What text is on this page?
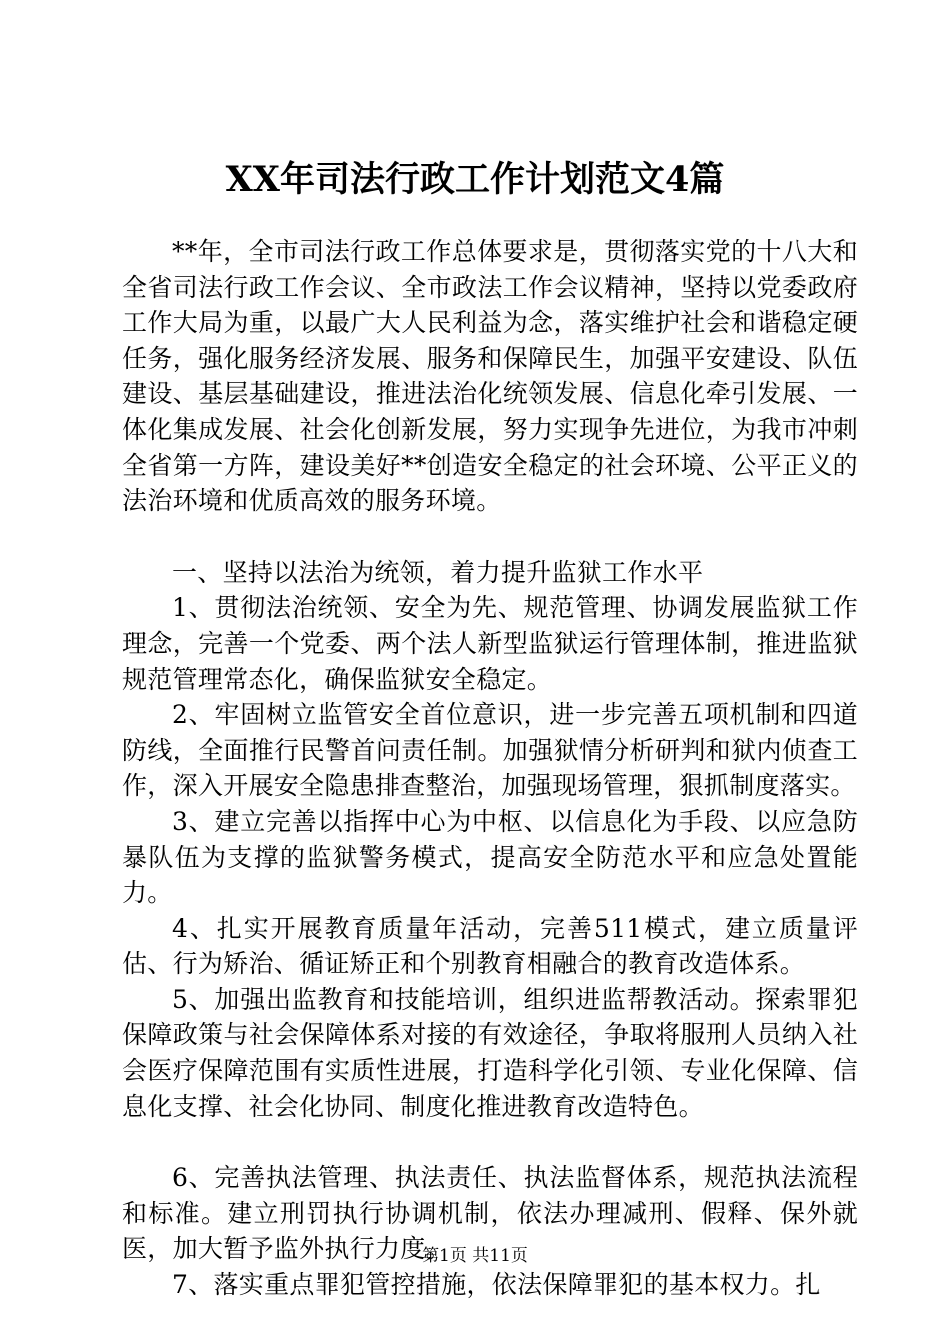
XX年司法行政工作计划范文4篇

**年，全市司法行政工作总体要求是，贯彻落实党的十八大和全省司法行政工作会议、全市政法工作会议精神，坚持以党委政府工作大局为重，以最广大人民利益为念，落实维护社会和谐稳定硬任务，强化服务经济发展、服务和保障民生，加强平安建设、队伍建设、基层基础建设，推进法治化统领发展、信息化牵引发展、一体化集成发展、社会化创新发展，努力实现争先进位，为我市冲刺全省第一方阵，建设美好**创造安全稳定的社会环境、公平正义的法治环境和优质高效的服务环境。

一、坚持以法治为统领，着力提升监狱工作水平

1、贯彻法治统领、安全为先、规范管理、协调发展监狱工作理念，完善一个党委、两个法人新型监狱运行管理体制，推进监狱规范管理常态化，确保监狱安全稳定。

2、牢固树立监管安全首位意识，进一步完善五项机制和四道防线，全面推行民警首问责任制。加强狱情分析研判和狱内侦查工作，深入开展安全隐患排查整治，加强现场管理，狠抓制度落实。

3、建立完善以指挥中心为中枢、以信息化为手段、以应急防暴队伍为支撑的监狱警务模式，提高安全防范水平和应急处置能力。

4、扎实开展教育质量年活动，完善511模式，建立质量评估、行为矫治、循证矫正和个别教育相融合的教育改造体系。

5、加强出监教育和技能培训，组织进监帮教活动。探索罪犯保障政策与社会保障体系对接的有效途径，争取将服刑人员纳入社会医疗保障范围有实质性进展，打造科学化引领、专业化保障、信息化支撑、社会化协同、制度化推进教育改造特色。

6、完善执法管理、执法责任、执法监督体系，规范执法流程和标准。建立刑罚执行协调机制，依法办理减刑、假释、保外就医，加大暂予监外执行力度。

7、落实重点罪犯管控措施，依法保障罪犯的基本权力。扎

第1页 共11页
